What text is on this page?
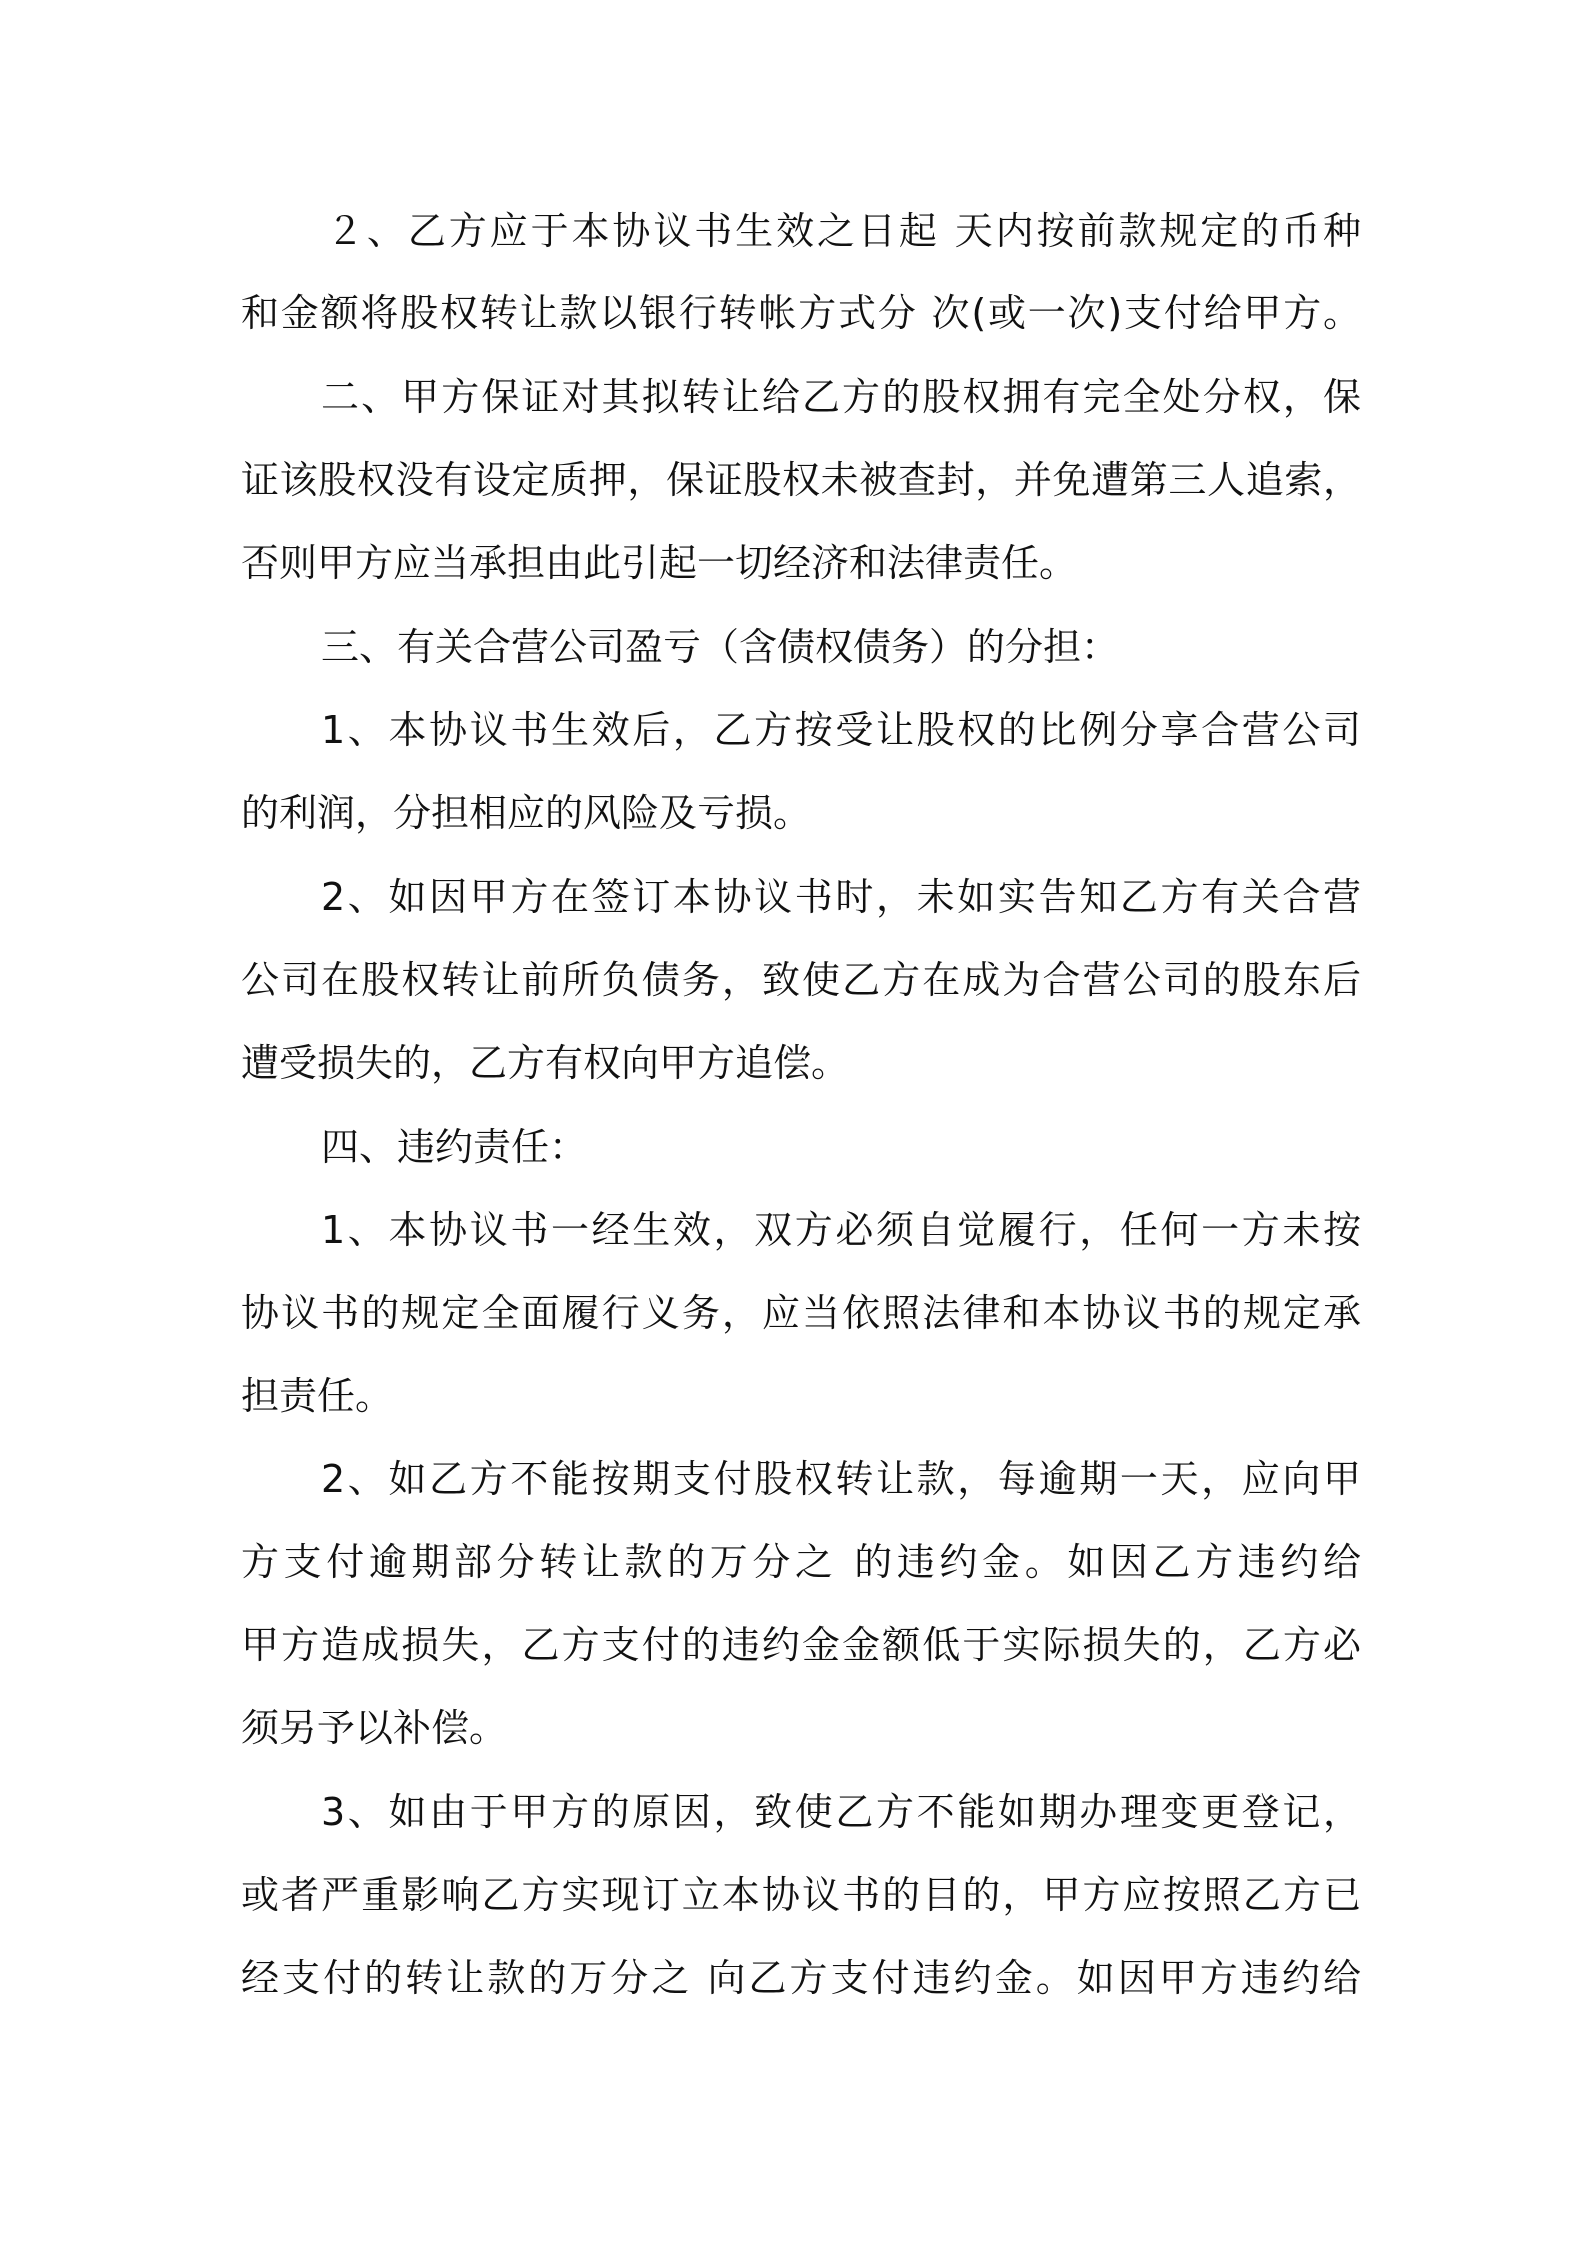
２、乙方应于本协议书生效之日起 天内按前款规定的币种
和金额将股权转让款以银行转帐方式分 次(或一次)支付给甲方。
二、甲方保证对其拟转让给乙方的股权拥有完全处分权，保
证该股权没有设定质押，保证股权未被查封，并免遭第三人追索，
否则甲方应当承担由此引起一切经济和法律责任。
三、有关合营公司盈亏（含债权债务）的分担：
1、本协议书生效后，乙方按受让股权的比例分享合营公司
的利润，分担相应的风险及亏损。
2、如因甲方在签订本协议书时，未如实告知乙方有关合营
公司在股权转让前所负债务，致使乙方在成为合营公司的股东后
遭受损失的，乙方有权向甲方追偿。
四、违约责任：
1、本协议书一经生效，双方必须自觉履行，任何一方未按
协议书的规定全面履行义务，应当依照法律和本协议书的规定承
担责任。
2、如乙方不能按期支付股权转让款，每逾期一天，应向甲
方支付逾期部分转让款的万分之 的违约金。如因乙方违约给
甲方造成损失，乙方支付的违约金金额低于实际损失的，乙方必
须另予以补偿。
3、如由于甲方的原因，致使乙方不能如期办理变更登记，
或者严重影响乙方实现订立本协议书的目的，甲方应按照乙方已
经支付的转让款的万分之 向乙方支付违约金。如因甲方违约给
